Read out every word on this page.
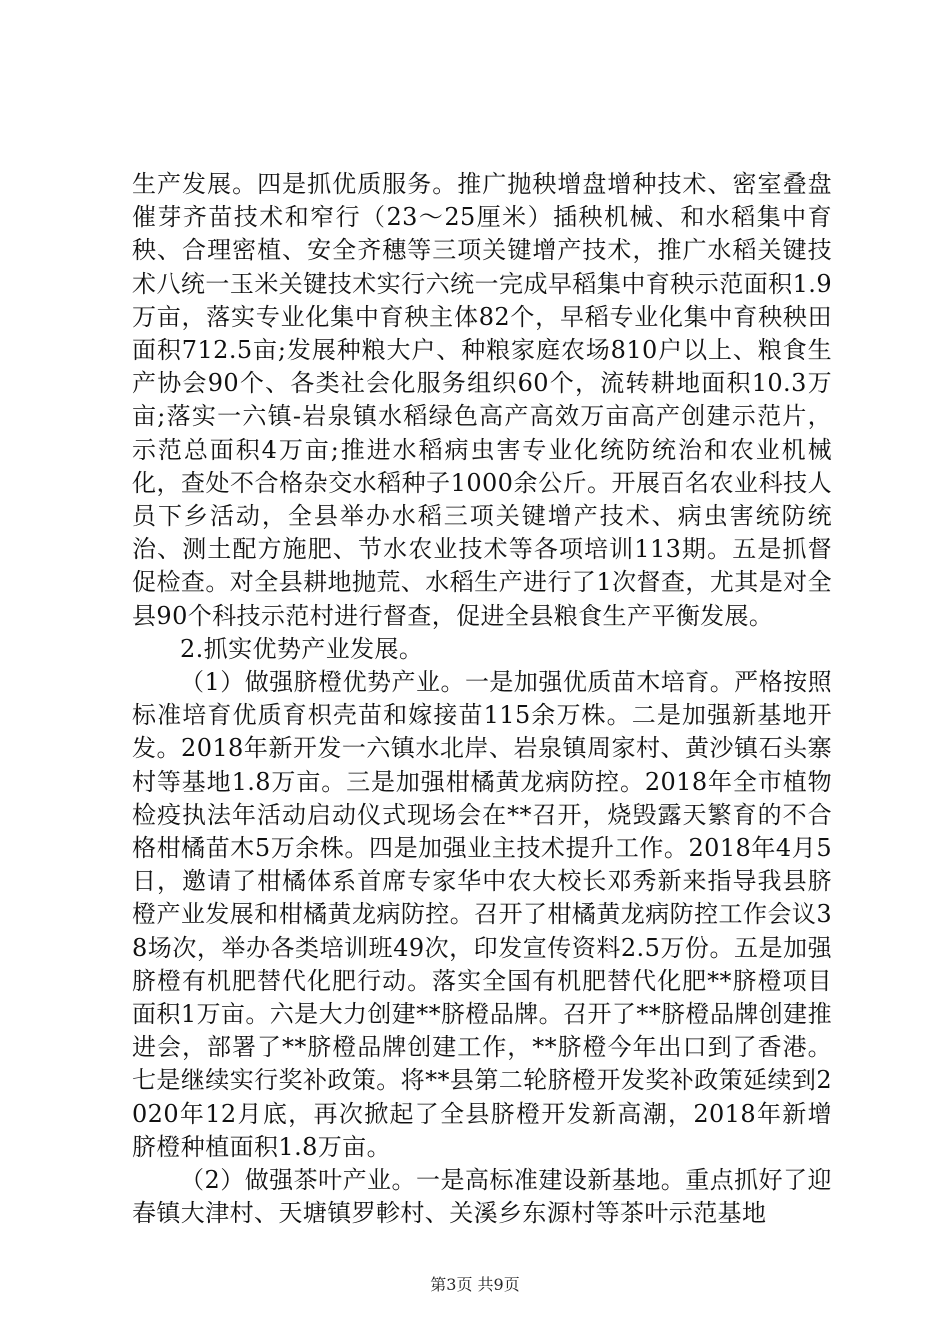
生产发展。四是抓优质服务。推广抛秧增盘增种技术、密室叠盘催芽齐苗技术和窄行（23～25厘米）插秧机械、和水稻集中育秧、合理密植、安全齐穗等三项关键增产技术，推广水稻关键技术八统一玉米关键技术实行六统一完成早稻集中育秧示范面积1.9万亩，落实专业化集中育秧主体82个，早稻专业化集中育秧秧田面积712.5亩;发展种粮大户、种粮家庭农场810户以上、粮食生产协会90个、各类社会化服务组织60个，流转耕地面积10.3万亩;落实一六镇-岩泉镇水稻绿色高产高效万亩高产创建示范片，示范总面积4万亩;推进水稻病虫害专业化统防统治和农业机械化，查处不合格杂交水稻种子1000余公斤。开展百名农业科技人员下乡活动，全县举办水稻三项关键增产技术、病虫害统防统治、测土配方施肥、节水农业技术等各项培训113期。五是抓督促检查。对全县耕地抛荒、水稻生产进行了1次督查，尤其是对全县90个科技示范村进行督查，促进全县粮食生产平衡发展。

2.抓实优势产业发展。

（1）做强脐橙优势产业。一是加强优质苗木培育。严格按照标准培育优质育枳壳苗和嫁接苗115余万株。二是加强新基地开发。2018年新开发一六镇水北岸、岩泉镇周家村、黄沙镇石头寨村等基地1.8万亩。三是加强柑橘黄龙病防控。2018年全市植物检疫执法年活动启动仪式现场会在**召开，烧毁露天繁育的不合格柑橘苗木5万余株。四是加强业主技术提升工作。2018年4月5日，邀请了柑橘体系首席专家华中农大校长邓秀新来指导我县脐橙产业发展和柑橘黄龙病防控。召开了柑橘黄龙病防控工作会议38场次，举办各类培训班49次，印发宣传资料2.5万份。五是加强脐橙有机肥替代化肥行动。落实全国有机肥替代化肥**脐橙项目面积1万亩。六是大力创建**脐橙品牌。召开了**脐橙品牌创建推进会，部署了**脐橙品牌创建工作，**脐橙今年出口到了香港。七是继续实行奖补政策。将**县第二轮脐橙开发奖补政策延续到2020年12月底，再次掀起了全县脐橙开发新高潮，2018年新增脐橙种植面积1.8万亩。

（2）做强茶叶产业。一是高标准建设新基地。重点抓好了迎春镇大津村、天塘镇罗軫村、关溪乡东源村等茶叶示范基地

第3页 共9页
